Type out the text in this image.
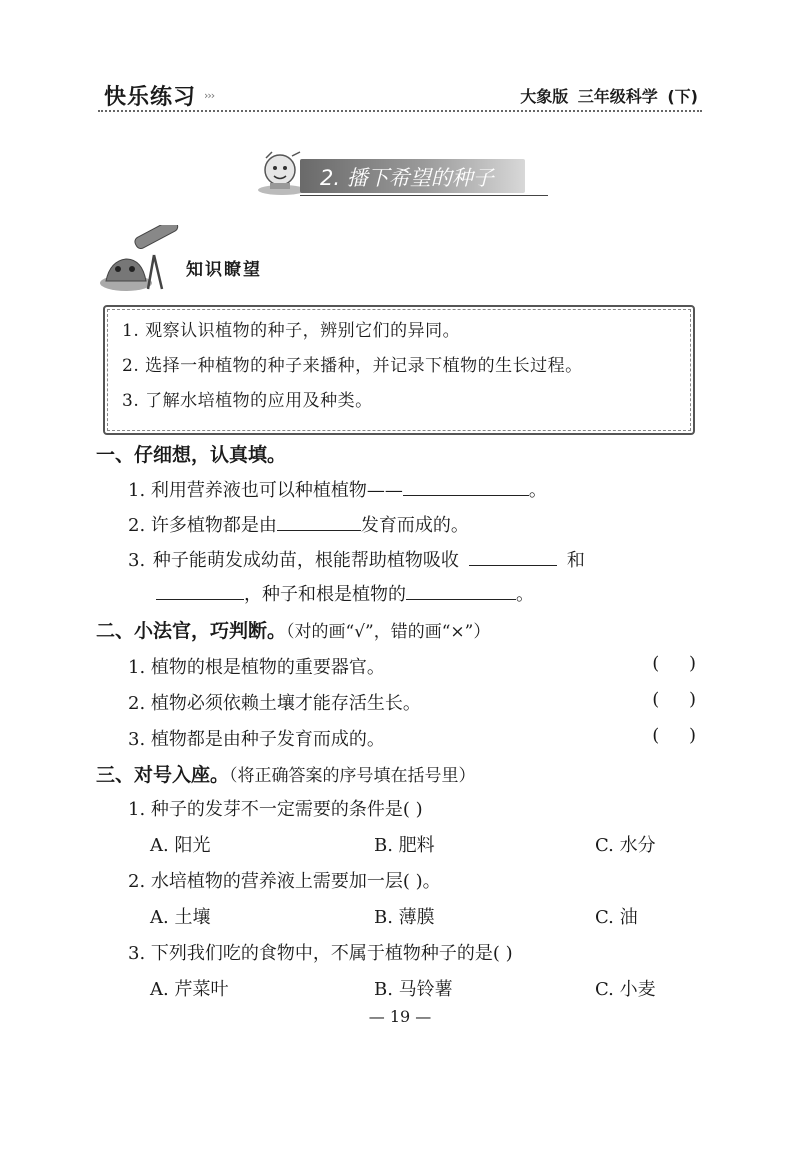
快乐练习 ›››	大象版 三年级科学 (下)
2. 播下希望的种子
知识瞭望
1. 观察认识植物的种子，辨别它们的异同。
2. 选择一种植物的种子来播种，并记录下植物的生长过程。
3. 了解水培植物的应用及种类。
一、仔细想，认真填。
1. 利用营养液也可以种植植物——	。
2. 许多植物都是由	发育而成的。
3. 种子能萌发成幼苗，根能帮助植物吸收	和
，种子和根是植物的	。
二、小法官，巧判断。（对的画“√”，错的画“×”）
1. 植物的根是植物的重要器官。	( )
2. 植物必须依赖土壤才能存活生长。	( )
3. 植物都是由种子发育而成的。	( )
三、对号入座。（将正确答案的序号填在括号里）
1. 种子的发芽不一定需要的条件是( )
A. 阳光	B. 肥料	C. 水分
2. 水培植物的营养液上需要加一层( )。
A. 土壤	B. 薄膜	C. 油
3. 下列我们吃的食物中，不属于植物种子的是( )
A. 芹菜叶	B. 马铃薯	C. 小麦
— 19 —
